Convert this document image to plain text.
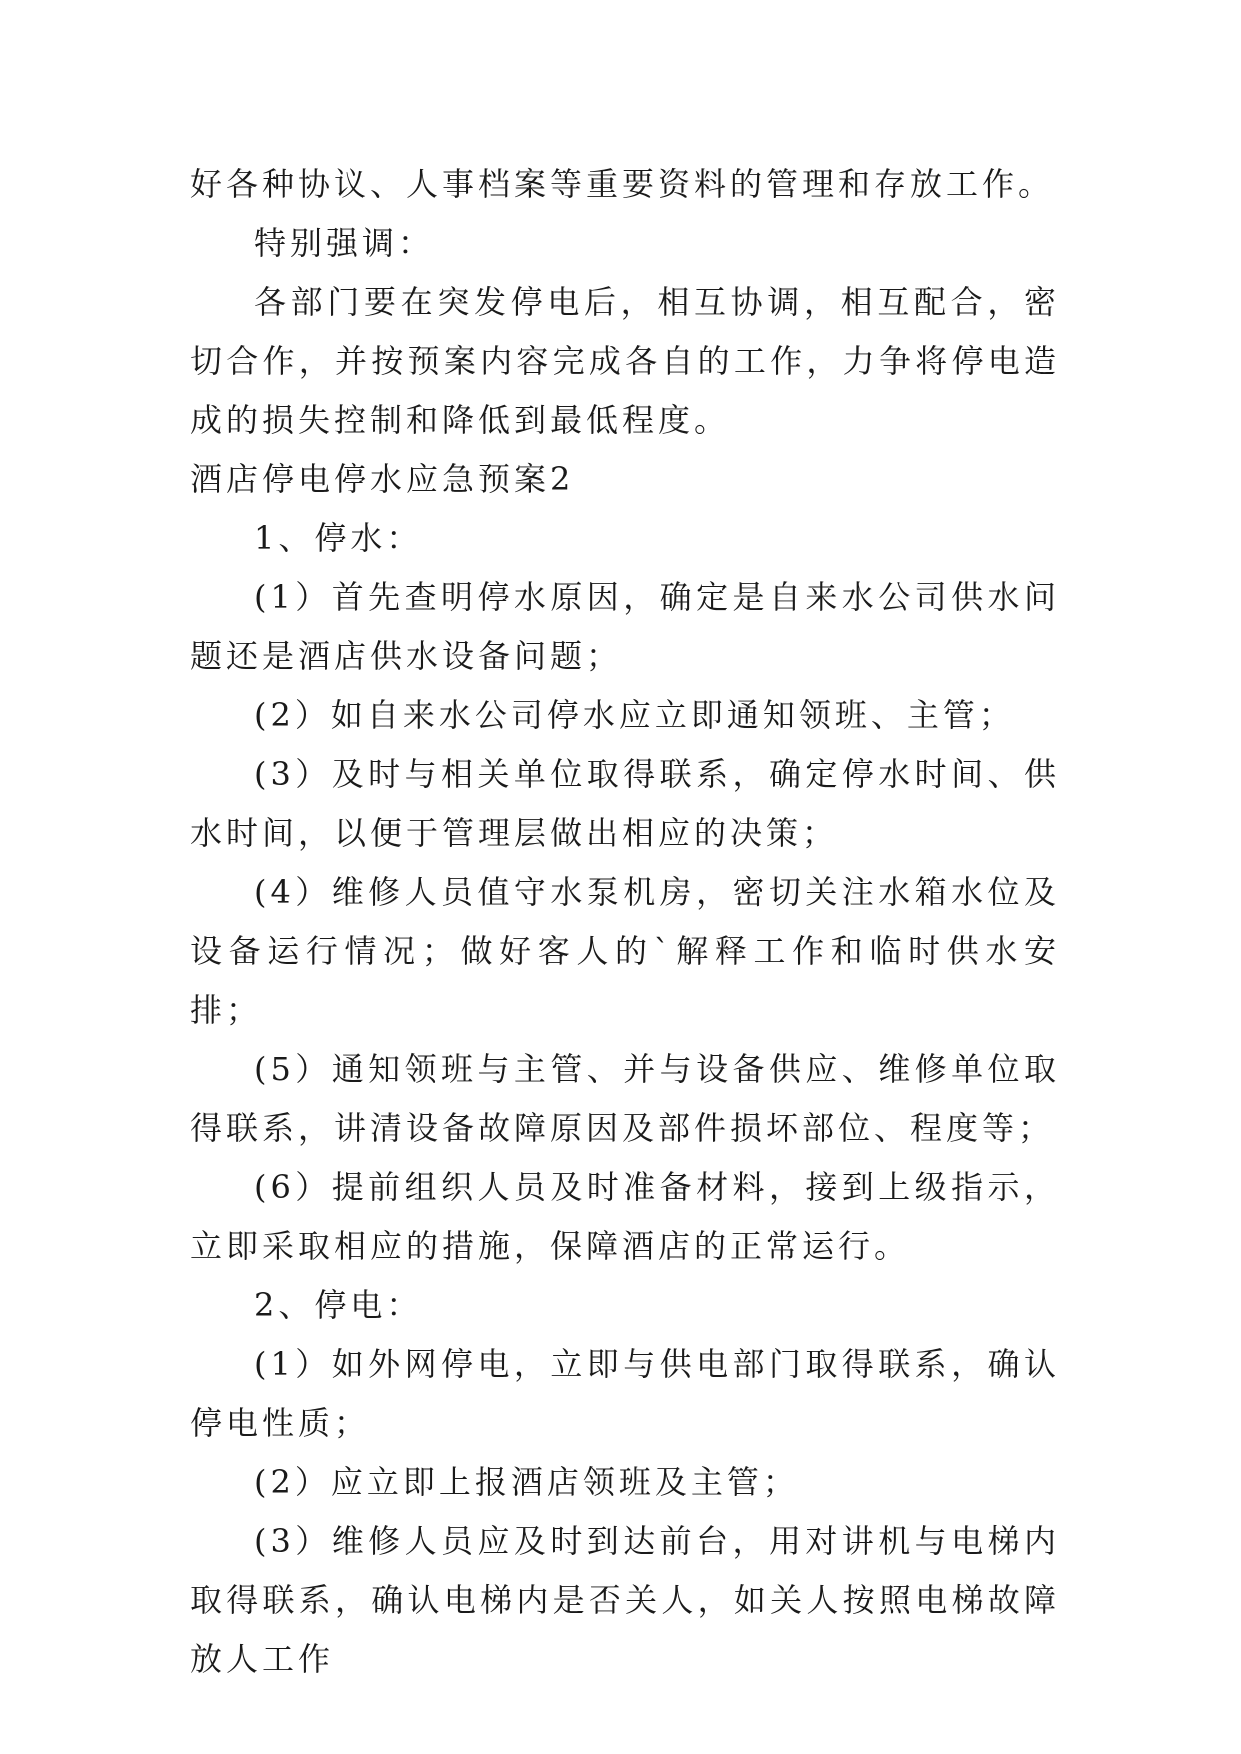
好各种协议、人事档案等重要资料的管理和存放工作。

特别强调：

各部门要在突发停电后，相互协调，相互配合，密切合作，并按预案内容完成各自的工作，力争将停电造成的损失控制和降低到最低程度。

酒店停电停水应急预案2

1、停水：

(1）首先查明停水原因，确定是自来水公司供水问题还是酒店供水设备问题；

(2）如自来水公司停水应立即通知领班、主管；

(3）及时与相关单位取得联系，确定停水时间、供水时间，以便于管理层做出相应的决策；

(4）维修人员值守水泵机房，密切关注水箱水位及设备运行情况；做好客人的`解释工作和临时供水安排；

(5）通知领班与主管、并与设备供应、维修单位取得联系，讲清设备故障原因及部件损坏部位、程度等；

(6）提前组织人员及时准备材料，接到上级指示，立即采取相应的措施，保障酒店的正常运行。

2、停电：

(1）如外网停电，立即与供电部门取得联系，确认停电性质；

(2）应立即上报酒店领班及主管；

(3）维修人员应及时到达前台，用对讲机与电梯内取得联系，确认电梯内是否关人，如关人按照电梯故障放人工作
